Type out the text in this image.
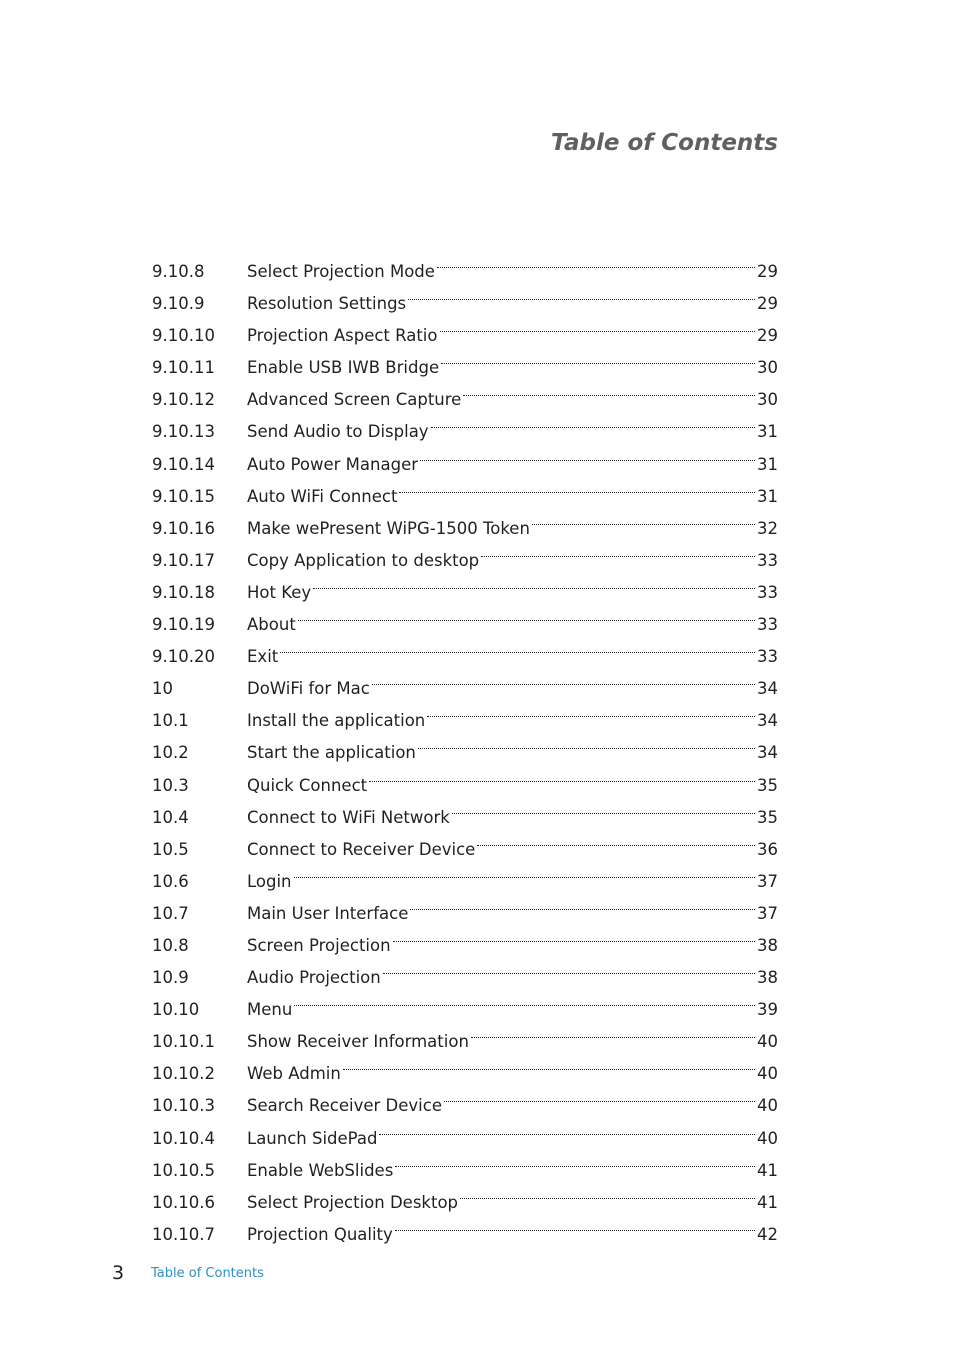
Table of Contents
9.10.8	Select Projection Mode	29
9.10.9	Resolution Settings	29
9.10.10	Projection Aspect Ratio	29
9.10.11	Enable USB IWB Bridge	30
9.10.12	Advanced Screen Capture	30
9.10.13	Send Audio to Display	31
9.10.14	Auto Power Manager	31
9.10.15	Auto WiFi Connect	31
9.10.16	Make wePresent WiPG-1500 Token	32
9.10.17	Copy Application to desktop	33
9.10.18	Hot Key	33
9.10.19	About	33
9.10.20	Exit	33
10	DoWiFi for Mac	34
10.1	Install the application	34
10.2	Start the application	34
10.3	Quick Connect	35
10.4	Connect to WiFi Network	35
10.5	Connect to Receiver Device	36
10.6	Login	37
10.7	Main User Interface	37
10.8	Screen Projection	38
10.9	Audio Projection	38
10.10	Menu	39
10.10.1	Show Receiver Information	40
10.10.2	Web Admin	40
10.10.3	Search Receiver Device	40
10.10.4	Launch SidePad	40
10.10.5	Enable WebSlides	41
10.10.6	Select Projection Desktop	41
10.10.7	Projection Quality	42
3 Table of Contents
